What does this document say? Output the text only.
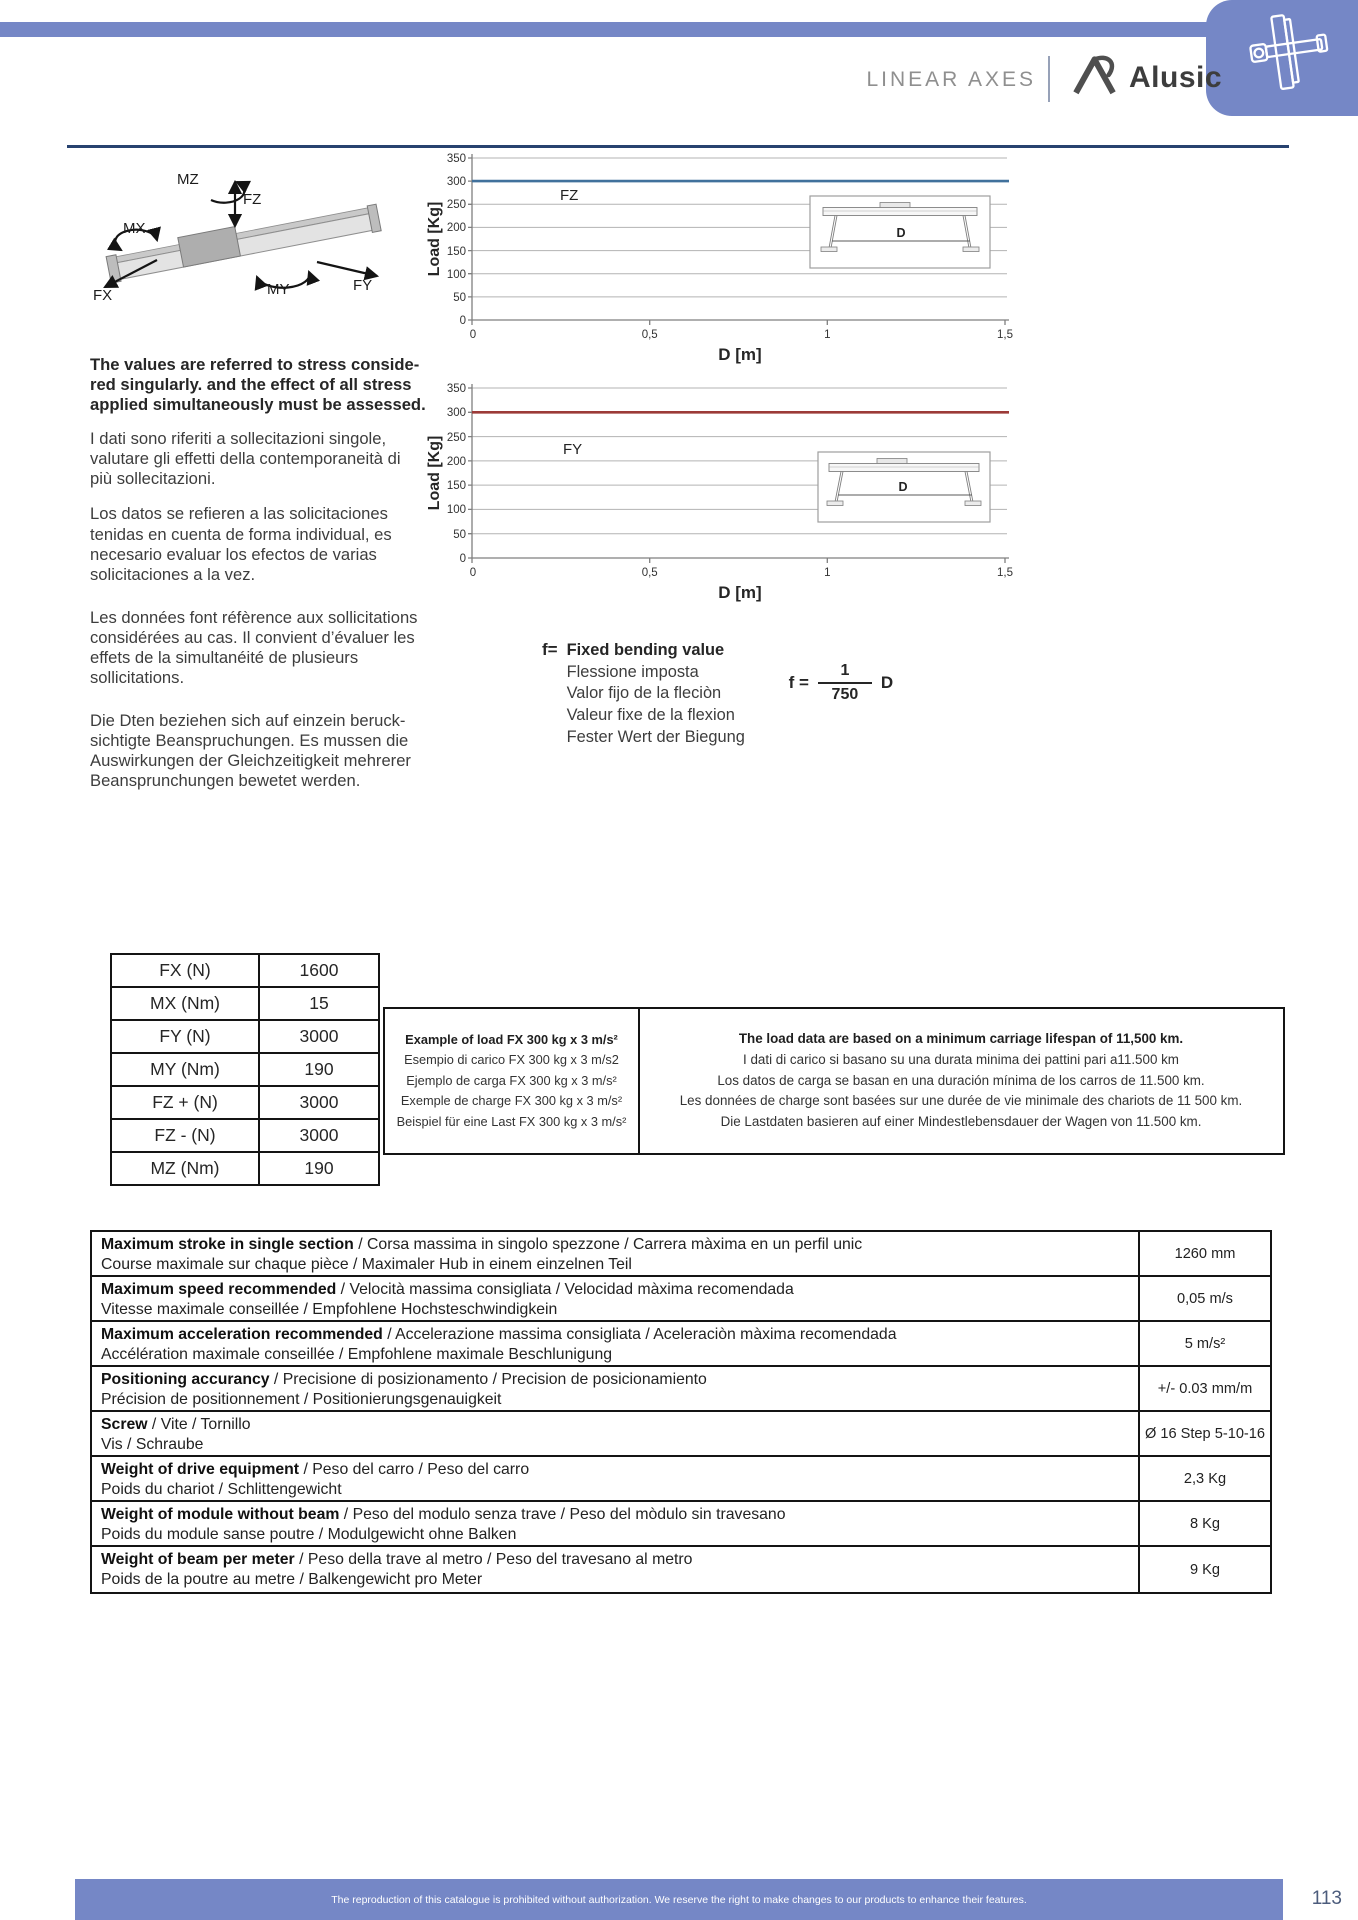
LINEAR AXES	Alusic
MZ
FZ
MX
FX	MY	FY
350
300
250
200
150
100
50
0
0	0,5	1	1,5
FZ
Load [Kg]
D [m]
D
350
300
250
200
150
100
50
0
0	0,5	1	1,5
FY
Load [Kg]
D [m]
D

The values are referred to stress conside-red singularly. and the effect of all stress applied simultaneously must be assessed.

I dati sono riferiti a sollecitazioni singole, valutare gli effetti della contemporaneità di più sollecitazioni.

Los datos se refieren a las solicitaciones tenidas en cuenta de forma individual, es necesario evaluar los efectos de varias solicitaciones a la vez.

Les données font réfèrence aux sollicitations considérées au cas. Il convient d’évaluer les effets de la simultanéité de plusieurs sollicitations.

Die Dten beziehen sich auf einzein beruck-sichtigte Beanspruchungen. Es mussen die Auswirkungen der Gleichzeitigkeit mehrerer Beansprunchungen bewetet werden.

f= Fixed bending value
Flessione imposta
Valor fijo de la fleciòn
Valeur fixe de la flexion
Fester Wert der Biegung
$f = \frac{1}{750}$ D
FX (N)	1600
MX (Nm)	15
FY (N)	3000
MY (Nm)	190
FZ + (N)	3000
FZ - (N)	3000
MZ (Nm)	190
Example of load FX 300 kg x 3 m/s²
Esempio di carico FX 300 kg x 3 m/s2
Ejemplo de carga FX 300 kg x 3 m/s²
Exemple de charge FX 300 kg x 3 m/s²
Beispiel für eine Last FX 300 kg x 3 m/s²
The load data are based on a minimum carriage lifespan of 11,500 km.
I dati di carico si basano su una durata minima dei pattini pari a11.500 km
Los datos de carga se basan en una duración mínima de los carros de 11.500 km.
Les données de charge sont basées sur une durée de vie minimale des chariots de 11 500 km.
Die Lastdaten basieren auf einer Mindestlebensdauer der Wagen von 11.500 km.
Maximum stroke in single section / Corsa massima in singolo spezzone / Carrera màxima en un perfil unic
Course maximale sur chaque pièce / Maximaler Hub in einem einzelnen Teil
1260 mm
Maximum speed recommended / Velocità massima consigliata / Velocidad màxima recomendada
Vitesse maximale conseillée / Empfohlene Hochsteschwindigkein
0,05 m/s
Maximum acceleration recommended / Accelerazione massima consigliata / Aceleraciòn màxima recomendada
Accélération maximale conseillée / Empfohlene maximale Beschlunigung
5 m/s²
Positioning accurancy / Precisione di posizionamento / Precision de posicionamiento
Précision de positionnement / Positionierungsgenauigkeit
+/- 0.03 mm/m
Screw / Vite / Tornillo
Vis / Schraube
Ø 16 Step 5-10-16
Weight of drive equipment / Peso del carro / Peso del carro
Poids du chariot / Schlittengewicht
2,3 Kg
Weight of module without beam / Peso del modulo senza trave / Peso del mòdulo sin travesano
Poids du module sanse poutre / Modulgewicht ohne Balken
8 Kg
Weight of beam per meter / Peso della trave al metro / Peso del travesano al metro
Poids de la poutre au metre / Balkengewicht pro Meter
9 Kg
The reproduction of this catalogue is prohibited without authorization. We reserve the right to make changes to our products to enhance their features.	113
